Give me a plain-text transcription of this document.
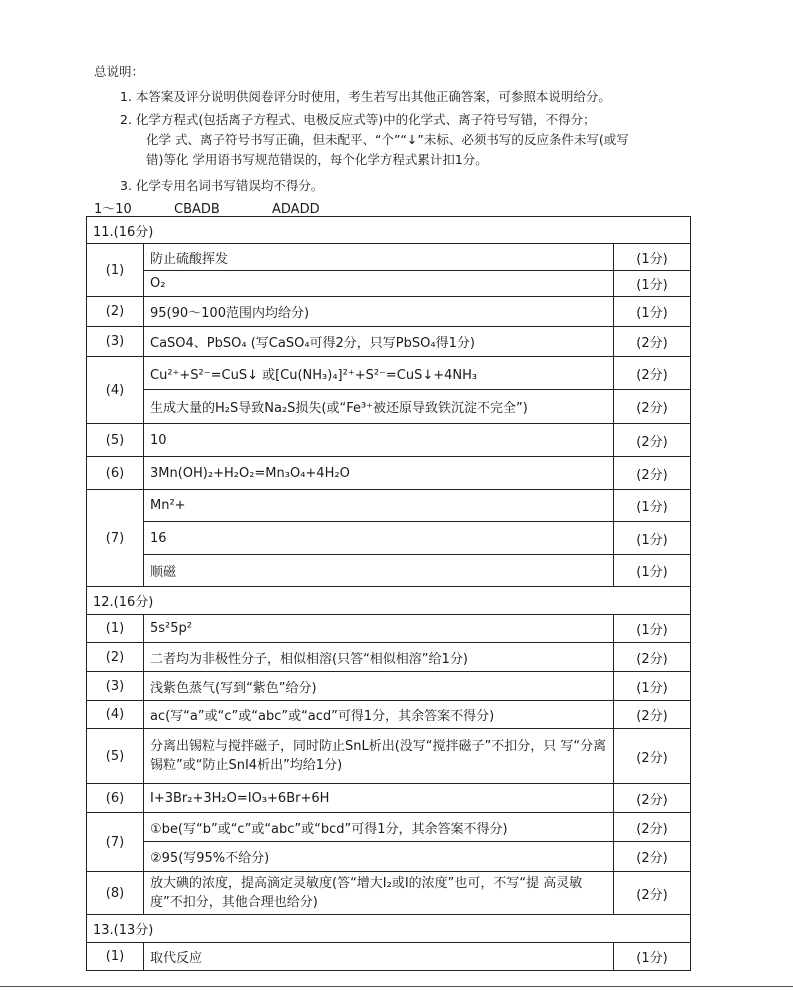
总说明：
1. 本答案及评分说明供阅卷评分时使用，考生若写出其他正确答案，可参照本说明给分。
2. 化学方程式(包括离子方程式、电极反应式等)中的化学式、离子符号写错，不得分；
化学 式、离子符号书写正确，但未配平、“个”“↓”未标、必须书写的反应条件未写(或写
错)等化 学用语书写规范错误的，每个化学方程式累计扣1分。
3. 化学专用名词书写错误均不得分。
1～10	CBADB	ADADD
11.(16分)		
(1)	防止硫酸挥发	(1分)
	O₂	(1分)
(2)	95(90～100范围内均给分)	(1分)
(3)	CaSO4、PbSO₄ (写CaSO₄可得2分，只写PbSO₄得1分)	(2分)
(4)	Cu²⁺+S²⁻=CuS↓ 或[Cu(NH₃)₄]²⁺+S²⁻=CuS↓+4NH₃	(2分)
	生成大量的H₂S导致Na₂S损失(或“Fe³⁺被还原导致铁沉淀不完全”)	(2分)
(5)	10	(2分)
(6)	3Mn(OH)₂+H₂O₂=Mn₃O₄+4H₂O	(2分)
(7)	Mn²+	(1分)
	16	(1分)
	顺磁	(1分)
12.(16分)		
(1)	5s²5p²	(1分)
(2)	二者均为非极性分子，相似相溶(只答“相似相溶”给1分)	(2分)
(3)	浅紫色蒸气(写到“紫色”给分)	(1分)
(4)	ac(写“a”或“c”或“abc”或“acd”可得1分，其余答案不得分)	(2分)
(5)	分离出锡粒与搅拌磁子，同时防止SnL析出(没写“搅拌磁子”不扣分，只 写“分离锡粒”或“防止SnI4析出”均给1分)	(2分)
(6)	I+3Br₂+3H₂O=IO₃+6Br+6H	(2分)
(7)	①be(写“b”或“c”或“abc”或“bcd”可得1分，其余答案不得分)	(2分)
	②95(写95%不给分)	(2分)
(8)	放大碘的浓度，提高滴定灵敏度(答“增大I₂或I的浓度”也可，不写“提 高灵敏度”不扣分，其他合理也给分)	(2分)
13.(13分)		
(1)	取代反应	(1分)
